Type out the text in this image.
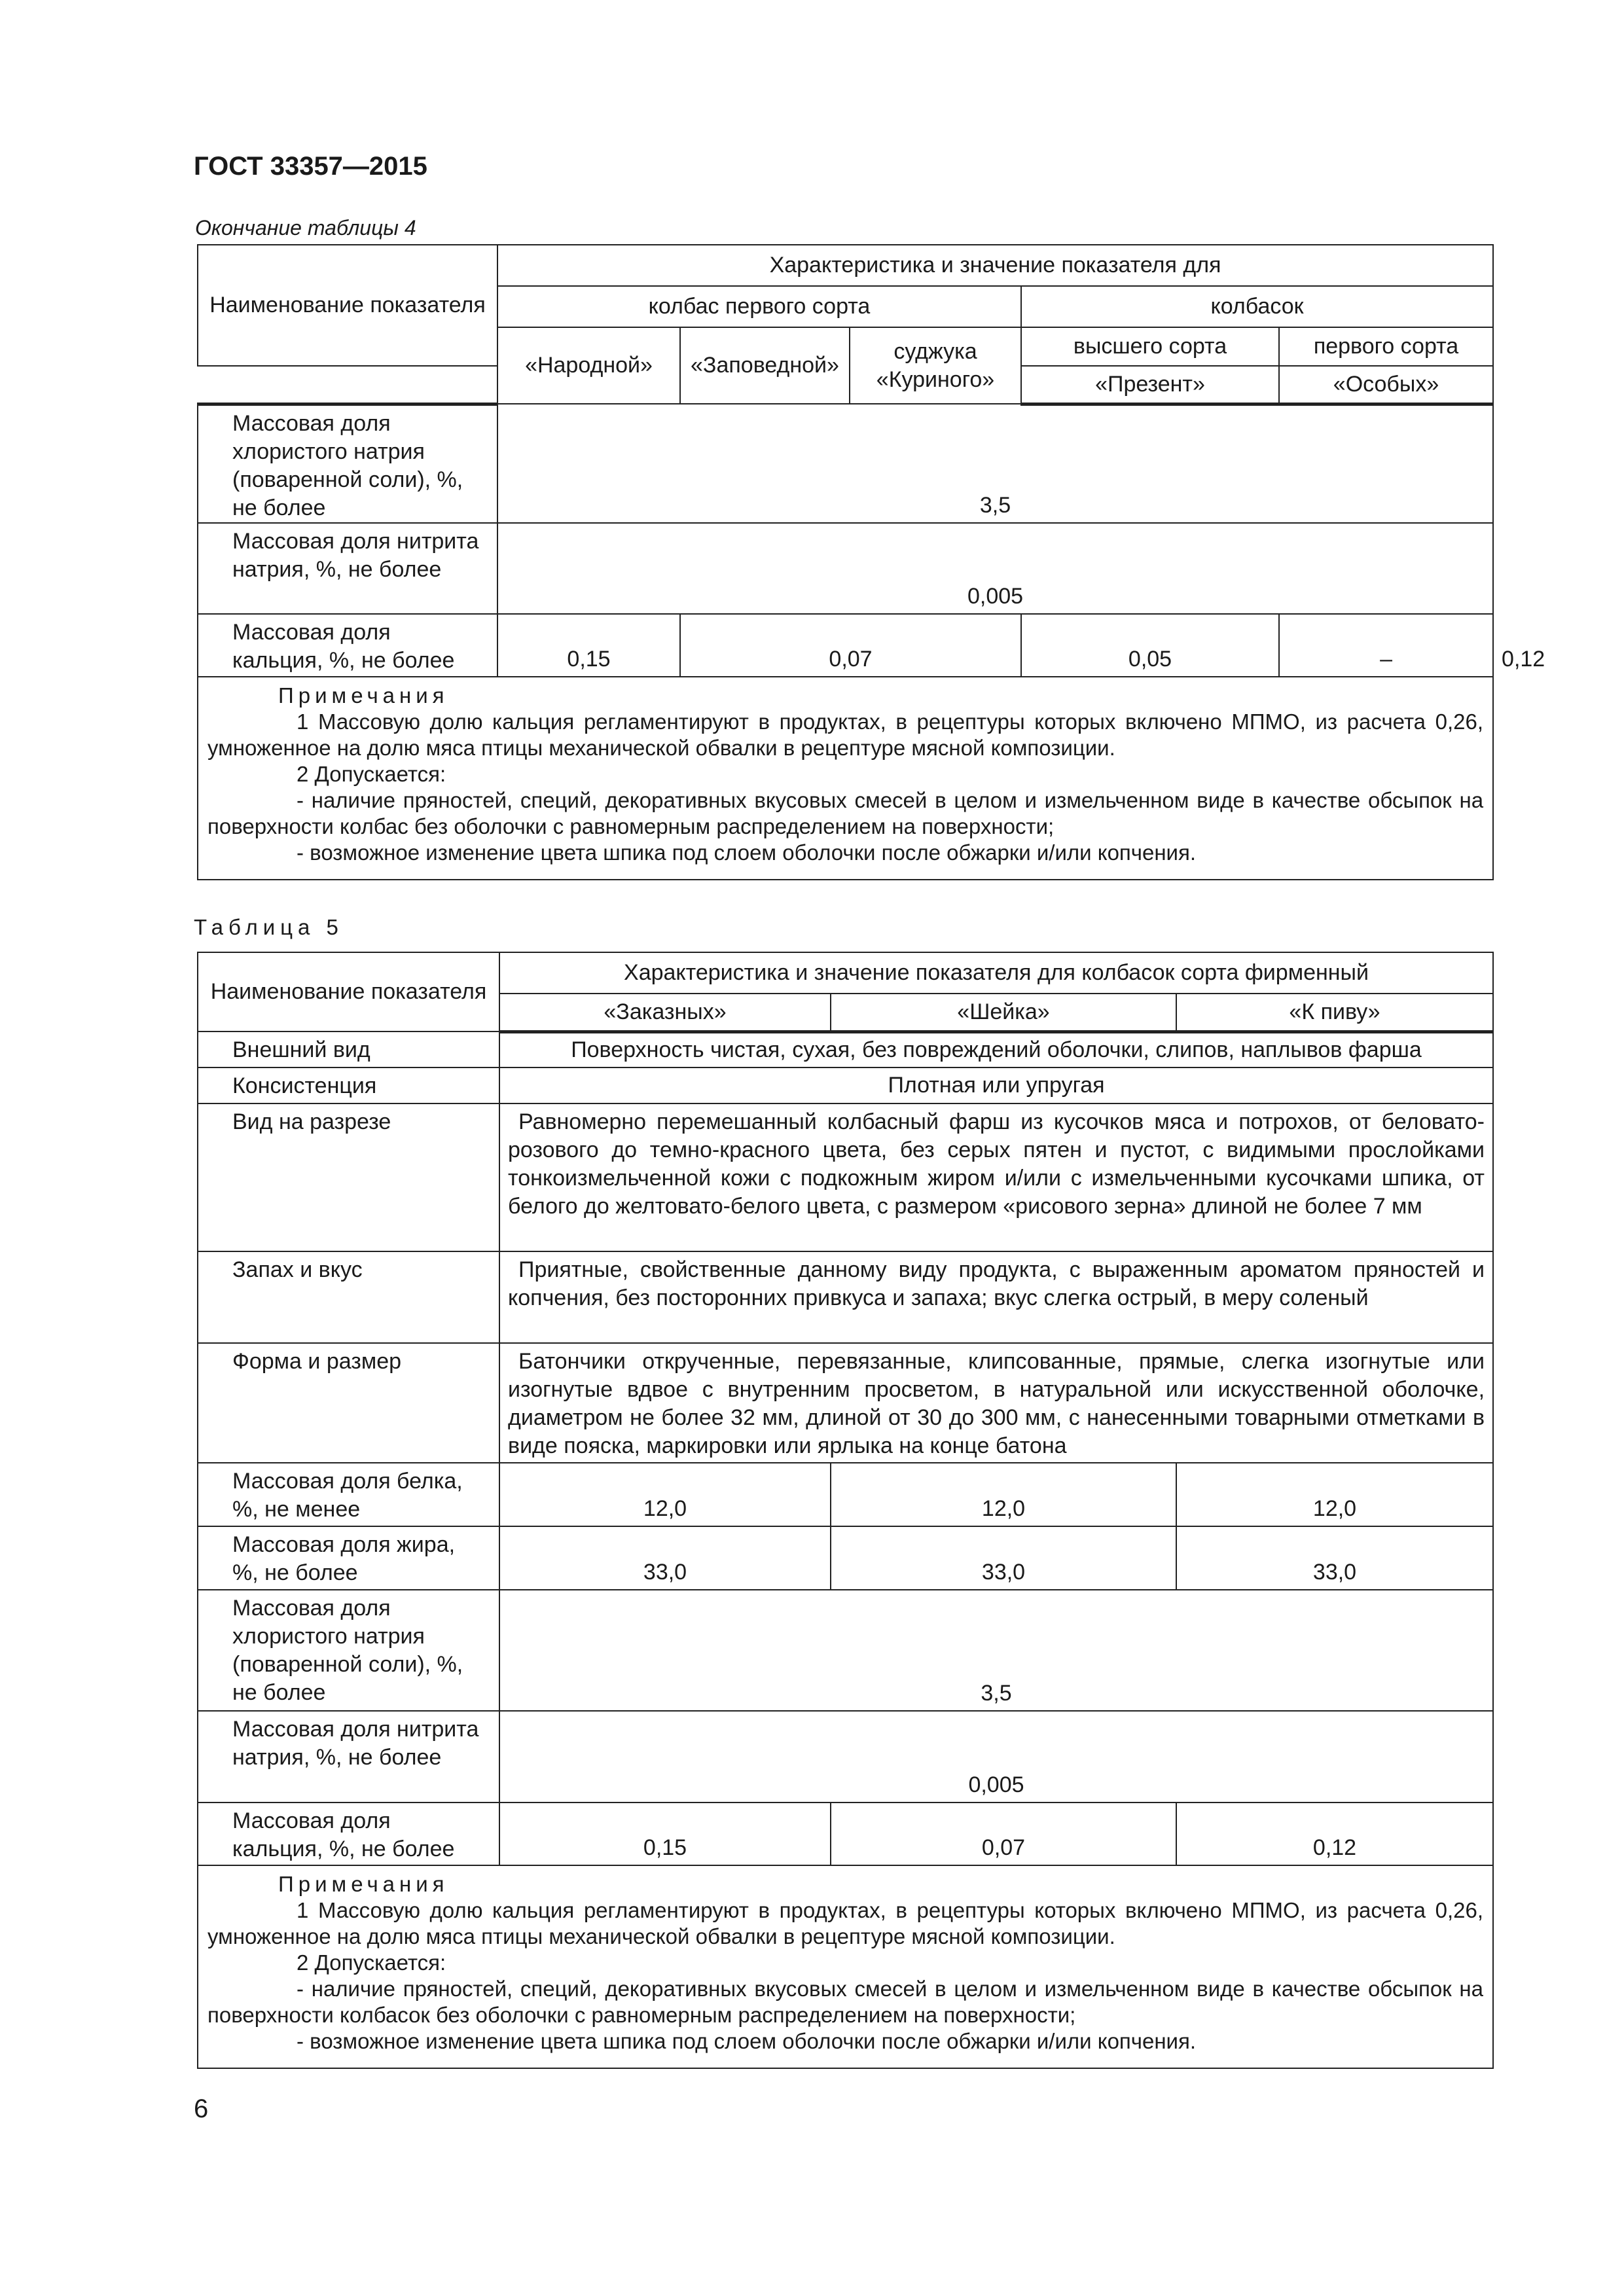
ГОСТ 33357—2015
Окончание таблицы 4
Наименование показателя	Характеристика и значение показателя для					
	колбас первого сорта			колбасок		
	«Народной»	«Заповедной»	суджука «Куриного»	высшего сорта	первого сорта	
				«Презент»	«Особых»	
Массовая доля хлористого натрия (поваренной соли), %, не более	3,5					
Массовая доля нитрита натрия, %, не более	0,005					
Массовая доля кальция, %, не более	0,15	0,07		0,05	–	0,12

Примечания
1 Массовую долю кальция регламентируют в продуктах, в рецептуры которых включено МПМО, из расчета 0,26, умноженное на долю мяса птицы механической обвалки в рецептуре мясной композиции.
2 Допускается:
- наличие пряностей, специй, декоративных вкусовых смесей в целом и измельченном виде в качестве обсыпок на поверхности колбас без оболочки с равномерным распределением на поверхности;
- возможное изменение цвета шпика под слоем оболочки после обжарки и/или копчения.						
Таблица 5
Наименование показателя	Характеристика и значение показателя для колбасок сорта фирменный		
	«Заказных»	«Шейка»	«К пиву»
Внешний вид	Поверхность чистая, сухая, без повреждений оболочки, слипов, наплывов фарша		
Консистенция	Плотная или упругая		
Вид на разрезе	Равномерно перемешанный колбасный фарш из кусочков мяса и потрохов, от беловато-розового до темно-красного цвета, без серых пятен и пустот, с видимыми прослойками тонкоизмельченной кожи с подкожным жиром и/или с измельченными кусочками шпика, от белого до желтовато-белого цвета, с размером «рисового зерна» длиной не более 7 мм		
Запах и вкус	Приятные, свойственные данному виду продукта, с выраженным ароматом пряностей и копчения, без посторонних привкуса и запаха; вкус слегка острый, в меру соленый		
Форма и размер	Батончики открученные, перевязанные, клипсованные, прямые, слегка изогнутые или изогнутые вдвое с внутренним просветом, в натуральной или искусственной оболочке, диаметром не более 32 мм, длиной от 30 до 300 мм, с нанесенными товарными отметками в виде пояска, маркировки или ярлыка на конце батона		
Массовая доля белка, %, не менее	12,0	12,0	12,0
Массовая доля жира, %, не более	33,0	33,0	33,0
Массовая доля хлористого натрия (поваренной соли), %, не более	3,5		
Массовая доля нитрита натрия, %, не более	0,005		
Массовая доля кальция, %, не более	0,15	0,07	0,12

Примечания
1 Массовую долю кальция регламентируют в продуктах, в рецептуры которых включено МПМО, из расчета 0,26, умноженное на долю мяса птицы механической обвалки в рецептуре мясной композиции.
2 Допускается:
- наличие пряностей, специй, декоративных вкусовых смесей в целом и измельченном виде в качестве обсыпок на поверхности колбасок без оболочки с равномерным распределением на поверхности;
- возможное изменение цвета шпика под слоем оболочки после обжарки и/или копчения.			
6
